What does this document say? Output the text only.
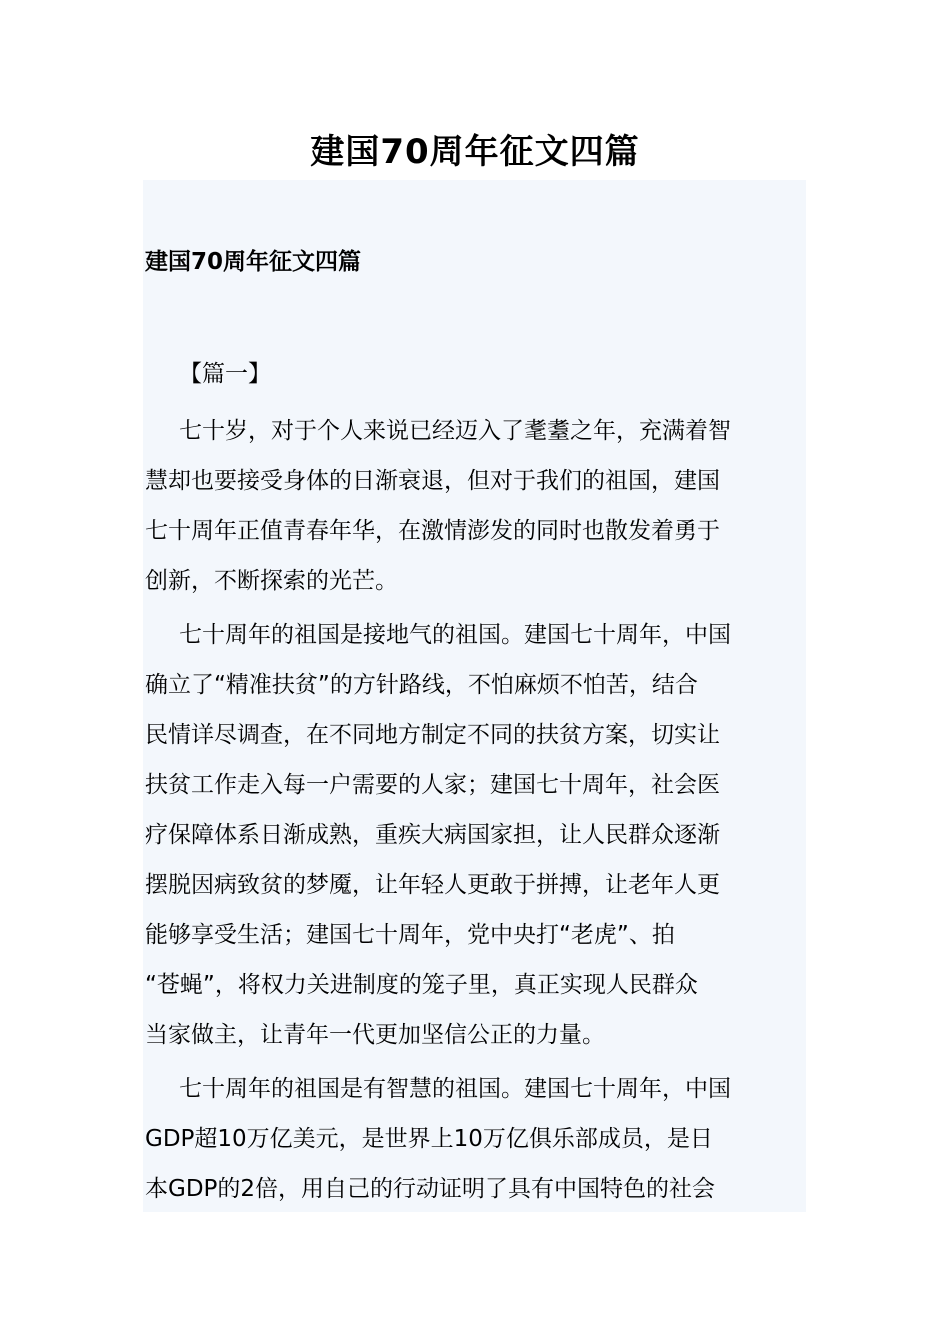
建国70周年征文四篇
建国70周年征文四篇
【篇一】
七十岁，对于个人来说已经迈入了耄耋之年，充满着智
慧却也要接受身体的日渐衰退，但对于我们的祖国，建国
七十周年正值青春年华，在激情澎发的同时也散发着勇于
创新，不断探索的光芒。
七十周年的祖国是接地气的祖国。建国七十周年，中国
确立了“精准扶贫”的方针路线，不怕麻烦不怕苦，结合
民情详尽调查，在不同地方制定不同的扶贫方案，切实让
扶贫工作走入每一户需要的人家；建国七十周年，社会医
疗保障体系日渐成熟，重疾大病国家担，让人民群众逐渐
摆脱因病致贫的梦魇，让年轻人更敢于拼搏，让老年人更
能够享受生活；建国七十周年，党中央打“老虎”、拍
“苍蝇”，将权力关进制度的笼子里，真正实现人民群众
当家做主，让青年一代更加坚信公正的力量。
七十周年的祖国是有智慧的祖国。建国七十周年，中国
GDP超10万亿美元，是世界上10万亿俱乐部成员，是日
本GDP的2倍，用自己的行动证明了具有中国特色的社会
